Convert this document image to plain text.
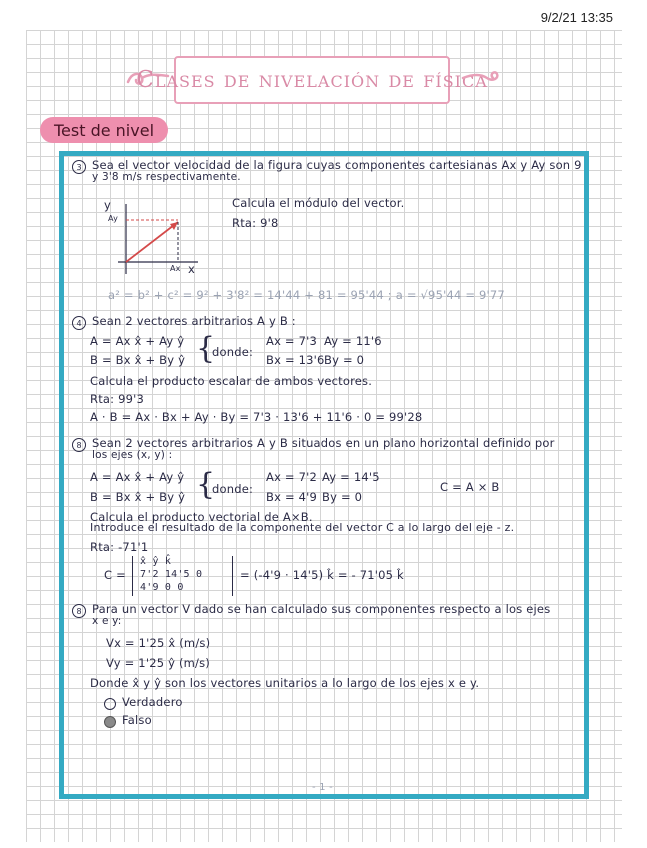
9/2/21 13:35
Clases de nivelación de física
Test de nivel
3 Sea el vector velocidad de la figura cuyas componentes cartesianas Ax y Ay son 9
y 3'8 m/s respectivamente.
y
x
Ay
Ax
Calcula el módulo del vector.
Rta: 9'8
a² = b² + c² = 9² + 3'8² = 14'44 + 81 = 95'44 ; a = √95'44 = 9'77
4 Sean 2 vectores arbitrarios A y B :
A = Ax x̂ + Ay ŷ
B = Bx x̂ + By ŷ {
donde:
Ax = 7'3 Ay = 11'6
Bx = 13'6 By = 0
Calcula el producto escalar de ambos vectores.
Rta: 99'3
A · B = Ax · Bx + Ay · By = 7'3 · 13'6 + 11'6 · 0 = 99'28
8 Sean 2 vectores arbitrarios A y B situados en un plano horizontal definido por
los ejes (x, y) :
A = Ax x̂ + Ay ŷ
B = Bx x̂ + By ŷ {
donde:
Ax = 7'2 Ay = 14'5
Bx = 4'9 By = 0
C = A × B
Calcula el producto vectorial de A×B.
Introduce el resultado de la componente del vector C a lo largo del eje - z.
Rta: -71'1
C =
x̂ ŷ k̂
7'2 14'5 0
4'9 0 0
= (-4'9 · 14'5) k̂ = - 71'05 k̂
8 Para un vector V dado se han calculado sus componentes respecto a los ejes
x e y:
Vx = 1'25 x̂ (m/s)
Vy = 1'25 ŷ (m/s)
Donde x̂ y ŷ son los vectores unitarios a lo largo de los ejes x e y.
Verdadero
Falso
- 1 -
